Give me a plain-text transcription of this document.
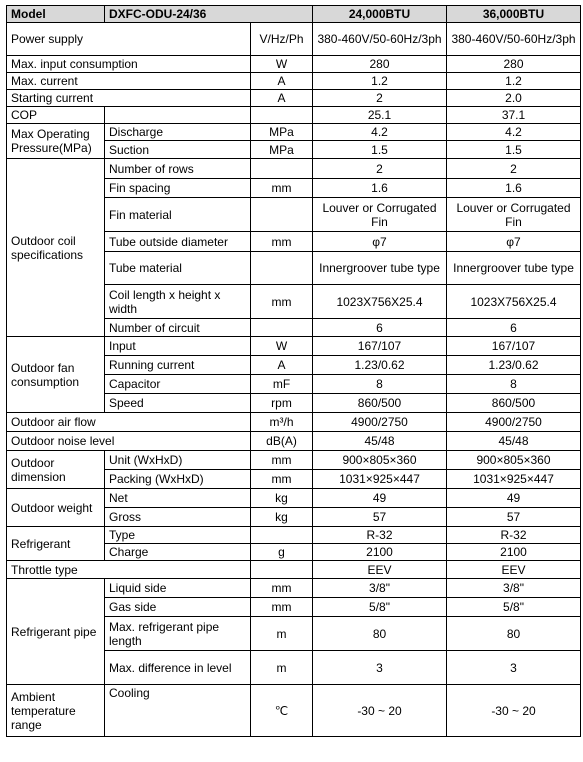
Model	DXFC-ODU-24/36		24,000BTU	36,000BTU
Power supply		V/Hz/Ph	380-460V/50-60Hz/3ph	380-460V/50-60Hz/3ph
Max. input consumption		W	280	280
Max. current		A	1.2	1.2
Starting current		A	2	2.0
COP			25.1	37.1
Max Operating Pressure(MPa)	Discharge	MPa	4.2	4.2
	Suction	MPa	1.5	1.5
Outdoor coil specifications	Number of rows		2	2
	Fin spacing	mm	1.6	1.6
	Fin material		Louver or Corrugated Fin	Louver or Corrugated Fin
	Tube outside diameter	mm	φ7	φ7
	Tube material		Innergroover tube type	Innergroover tube type
	Coil length x height x width	mm	1023X756X25.4	1023X756X25.4
	Number of circuit		6	6
Outdoor fan consumption	Input	W	167/107	167/107
	Running current	A	1.23/0.62	1.23/0.62
	Capacitor	mF	8	8
	Speed	rpm	860/500	860/500
Outdoor air flow		m³/h	4900/2750	4900/2750
Outdoor noise level		dB(A)	45/48	45/48
Outdoor dimension	Unit (WxHxD)	mm	900×805×360	900×805×360
	Packing (WxHxD)	mm	1031×925×447	1031×925×447
Outdoor weight	Net	kg	49	49
	Gross	kg	57	57
Refrigerant	Type		R-32	R-32
	Charge	g	2100	2100
Throttle type			EEV	EEV
Refrigerant pipe	Liquid side	mm	3/8"	3/8"
	Gas side	mm	5/8"	5/8"
	Max. refrigerant pipe length	m	80	80
	Max. difference in level	m	3	3
Ambient temperature range	Cooling	℃	-30 ~ 20	-30 ~ 20
